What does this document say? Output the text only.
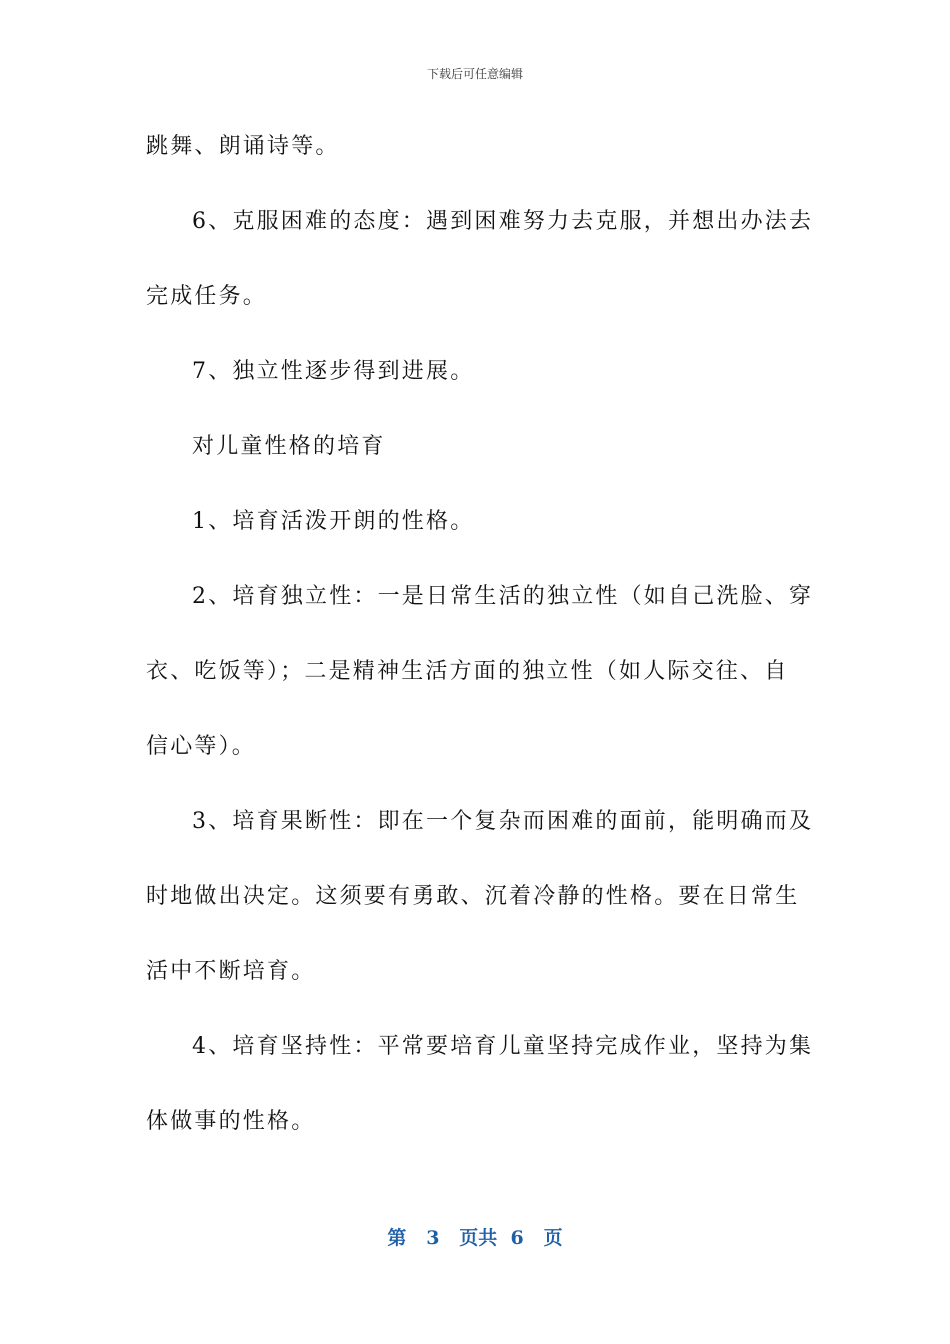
下载后可任意编辑
跳舞、朗诵诗等。
6、克服困难的态度：遇到困难努力去克服，并想出办法去
完成任务。
7、独立性逐步得到进展。
对儿童性格的培育
1、培育活泼开朗的性格。
2、培育独立性：一是日常生活的独立性（如自己洗脸、穿
衣、吃饭等）；二是精神生活方面的独立性（如人际交往、自
信心等）。
3、培育果断性：即在一个复杂而困难的面前，能明确而及
时地做出决定。这须要有勇敢、沉着冷静的性格。要在日常生
活中不断培育。
4、培育坚持性：平常要培育儿童坚持完成作业，坚持为集
体做事的性格。
第 3 页共 6 页
